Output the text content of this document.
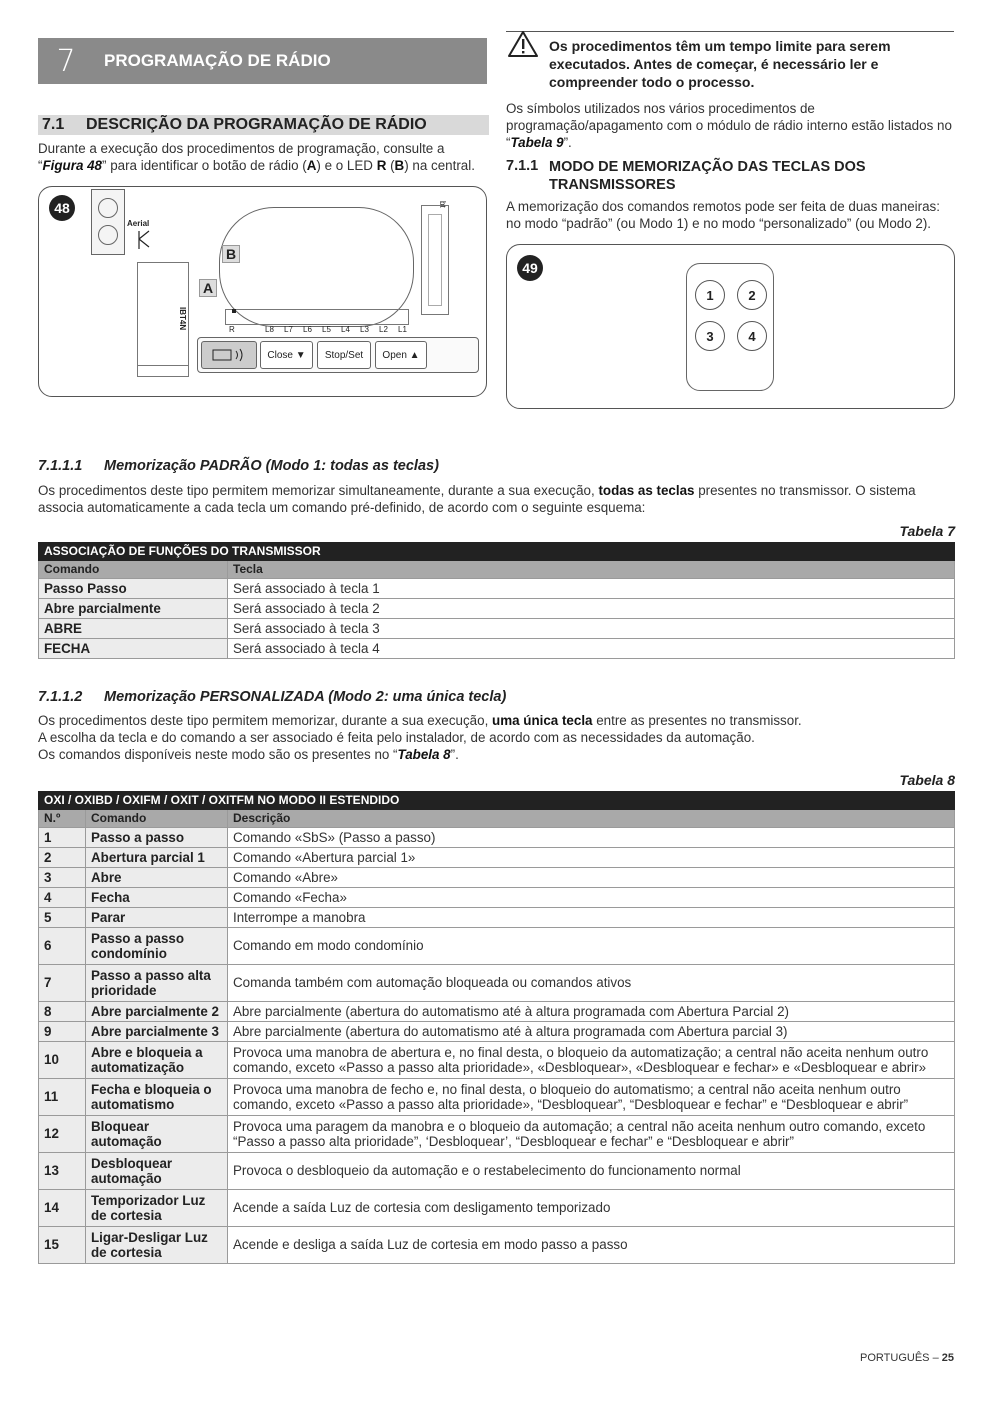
7	PROGRAMAÇÃO DE RÁDIO
7.1	DESCRIÇÃO DA PROGRAMAÇÃO DE RÁDIO
Durante a execução dos procedimentos de programação, consulte a “Figura 48” para identificar o botão de rádio (A) e o LED R (B) na central.
48
Aerial
IBT4N
bt
R	L8 L7 L6 L5 L4 L3 L2 L1
B
A
Close ▼	Stop/Set	Open ▲
Os procedimentos têm um tempo limite para serem executados. Antes de começar, é necessário ler e compreender todo o processo.
Os símbolos utilizados nos vários procedimentos de programação/apagamento com o módulo de rádio interno estão listados no “Tabela 9”.
7.1.1 MODO DE MEMORIZAÇÃO DAS TECLAS DOS TRANSMISSORES
A memorização dos comandos remotos pode ser feita de duas maneiras: no modo “padrão” (ou Modo 1) e no modo “personalizado” (ou Modo 2).
49
1	2
3	4
7.1.1.1	Memorização PADRÃO (Modo 1: todas as teclas)
Os procedimentos deste tipo permitem memorizar simultaneamente, durante a sua execução, todas as teclas presentes no transmissor. O sistema associa automaticamente a cada tecla um comando pré-definido, de acordo com o seguinte esquema:
Tabela 7
ASSOCIAÇÃO DE FUNÇÕES DO TRANSMISSOR	
Comando	Tecla
Passo Passo	Será associado à tecla 1
Abre parcialmente	Será associado à tecla 2
ABRE	Será associado à tecla 3
FECHA	Será associado à tecla 4
7.1.1.2	Memorização PERSONALIZADA (Modo 2: uma única tecla)
Os procedimentos deste tipo permitem memorizar, durante a sua execução, uma única tecla entre as presentes no transmissor.
A escolha da tecla e do comando a ser associado é feita pelo instalador, de acordo com as necessidades da automação.
Os comandos disponíveis neste modo são os presentes no “Tabela 8”.
Tabela 8
OXI / OXIBD / OXIFM / OXIT / OXITFM NO MODO II ESTENDIDO		
N.º	Comando	Descrição
1	Passo a passo	Comando «SbS» (Passo a passo)
2	Abertura parcial 1	Comando «Abertura parcial 1»
3	Abre	Comando «Abre»
4	Fecha	Comando «Fecha»
5	Parar	Interrompe a manobra
6	Passo a passo condomínio	Comando em modo condomínio
7	Passo a passo alta prioridade	Comanda também com automação bloqueada ou comandos ativos
8	Abre parcialmente 2	Abre parcialmente (abertura do automatismo até à altura programada com Abertura Parcial 2)
9	Abre parcialmente 3	Abre parcialmente (abertura do automatismo até à altura programada com Abertura parcial 3)
10	Abre e bloqueia a automatização	Provoca uma manobra de abertura e, no final desta, o bloqueio da automatização; a central não aceita nenhum outro comando, exceto «Passo a passo alta prioridade», «Desbloquear», «Desbloquear e fechar» e «Desbloquear e abrir»
11	Fecha e bloqueia o automatismo	Provoca uma manobra de fecho e, no final desta, o bloqueio do automatismo; a central não aceita nenhum outro comando, exceto «Passo a passo alta prioridade», “Desbloquear”, “Desbloquear e fechar” e “Desbloquear e abrir”
12	Bloquear automação	Provoca uma paragem da manobra e o bloqueio da automação; a central não aceita nenhum outro comando, exceto “Passo a passo alta prioridade”, ‘Desbloquear’, “Desbloquear e fechar” e “Desbloquear e abrir”
13	Desbloquear automação	Provoca o desbloqueio da automação e o restabelecimento do funcionamento normal
14	Temporizador Luz de cortesia	Acende a saída Luz de cortesia com desligamento temporizado
15	Ligar-Desligar Luz de cortesia	Acende e desliga a saída Luz de cortesia em modo passo a passo
PORTUGUÊS – 25
